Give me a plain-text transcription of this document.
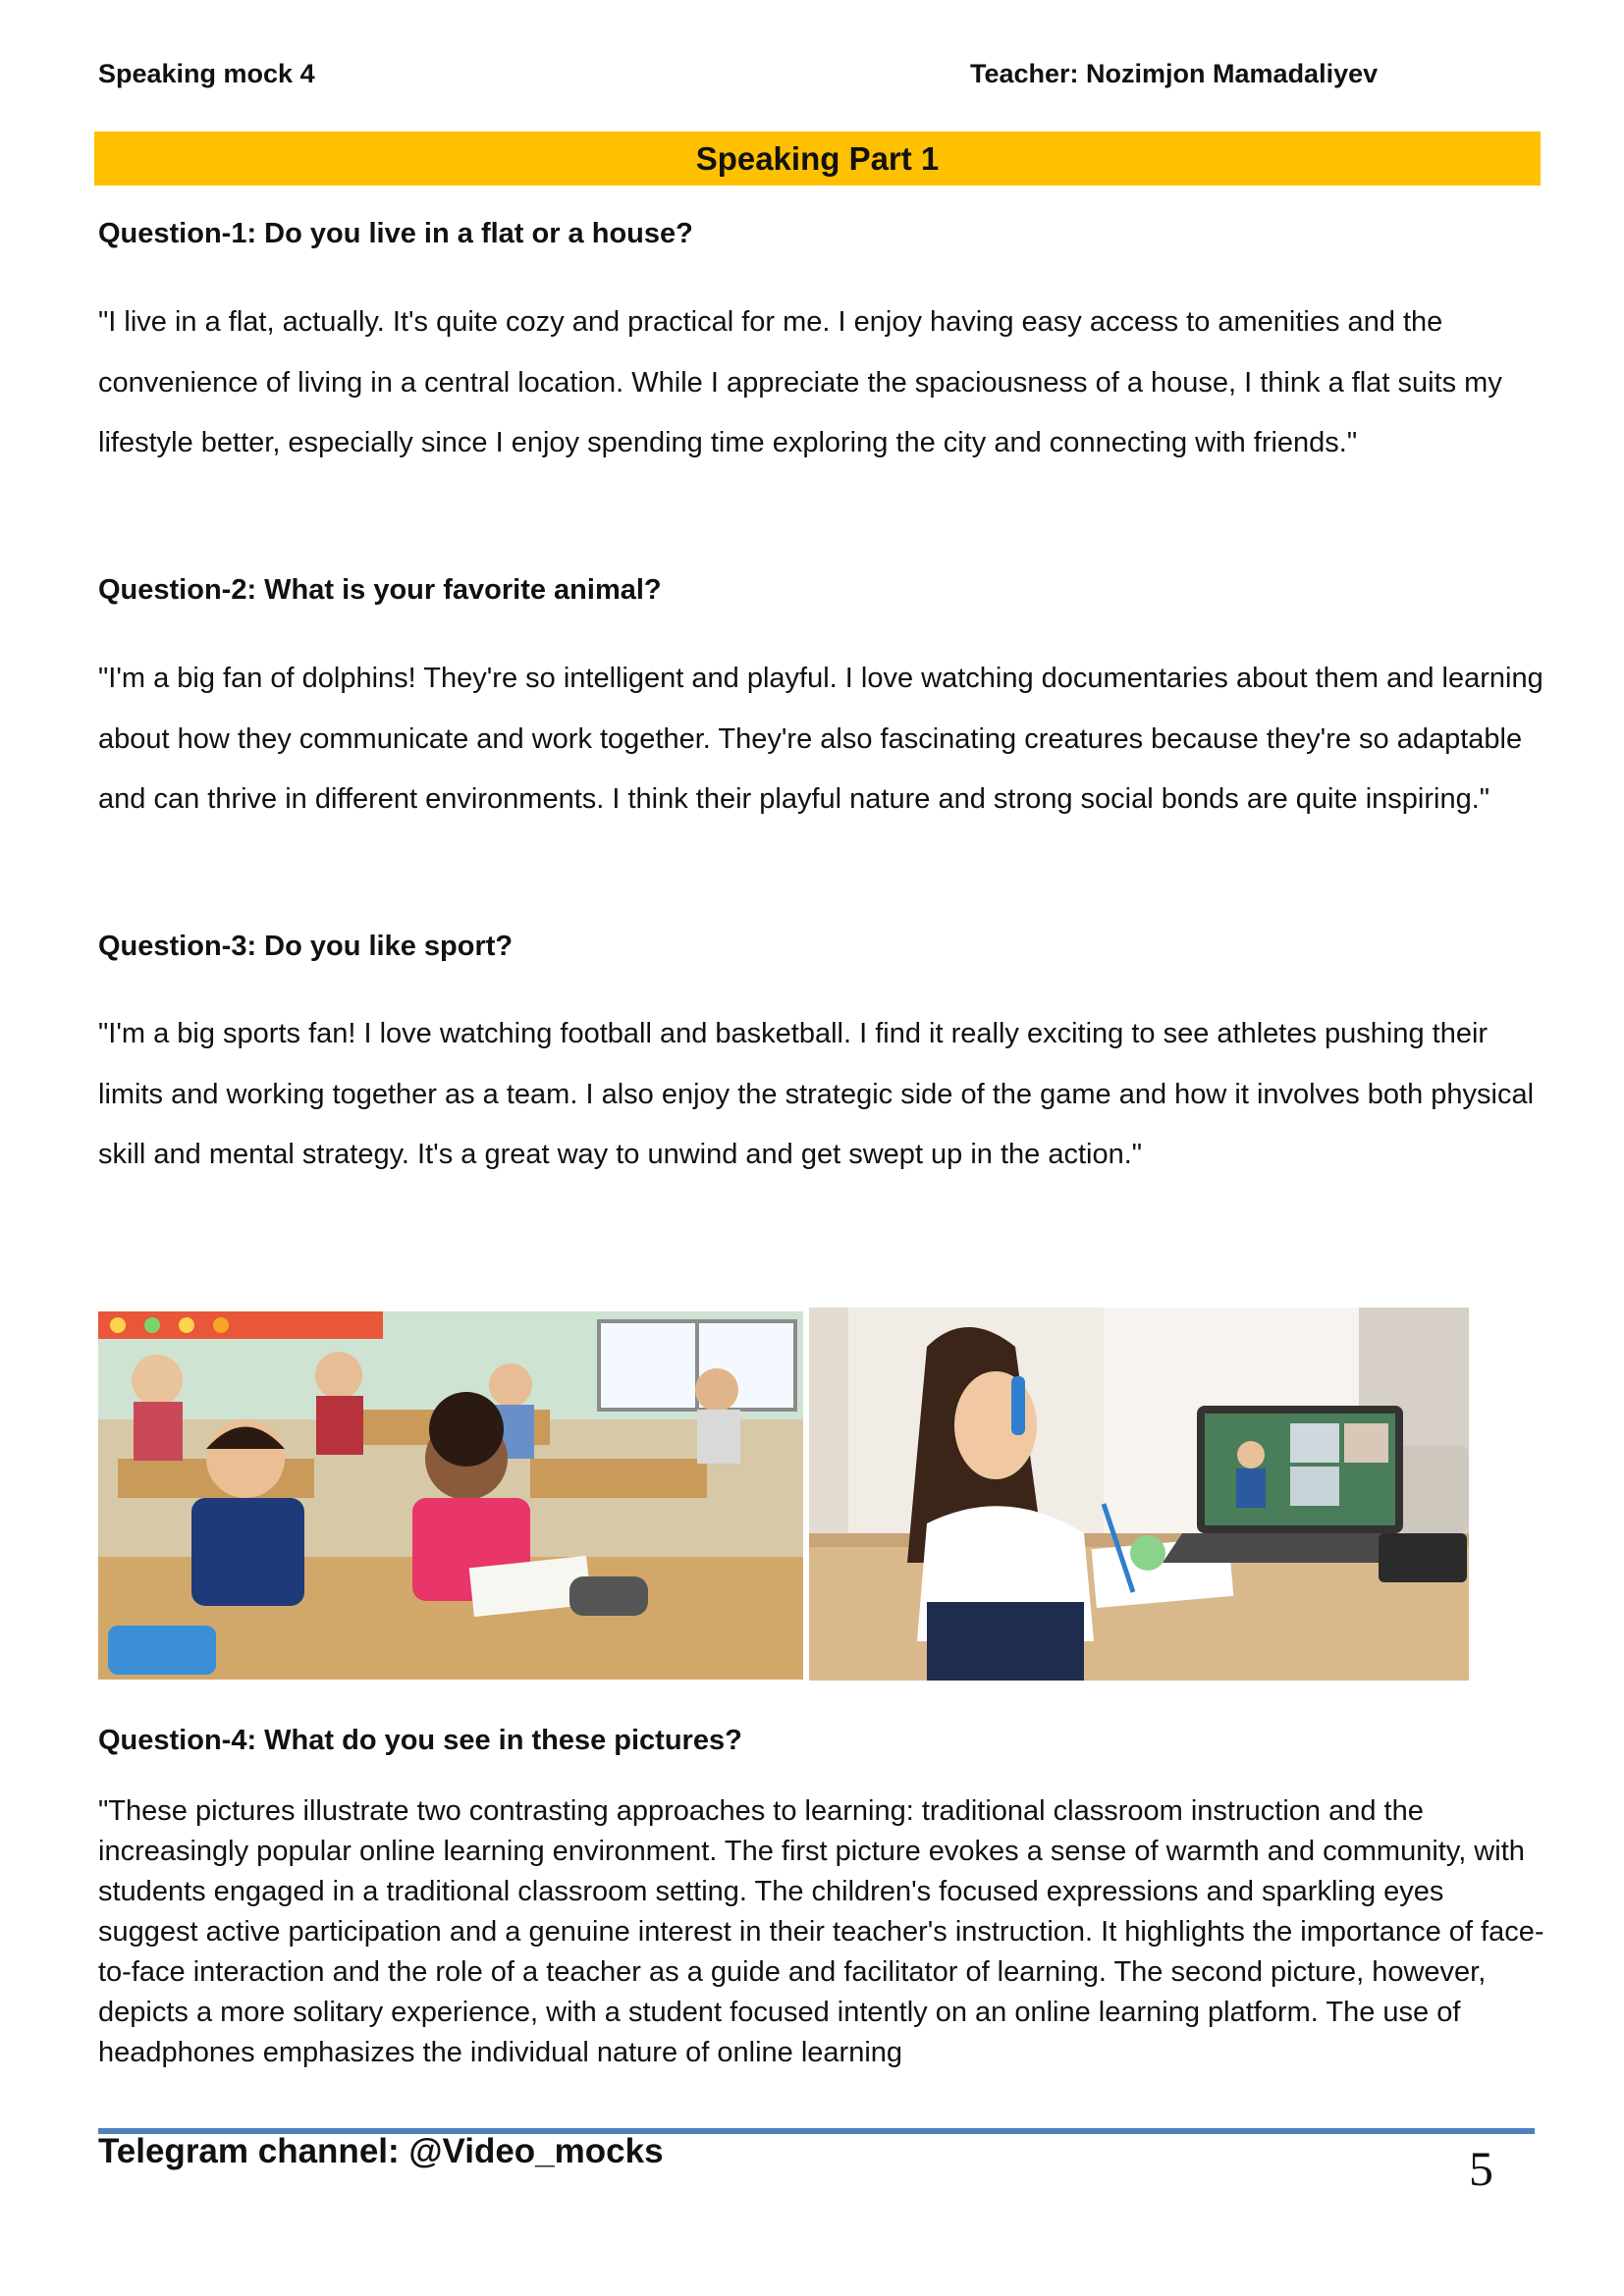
Speaking mock 4	Teacher: Nozimjon Mamadaliyev
Speaking Part 1
Question-1: Do you live in a flat or a house?
"I live in a flat, actually. It's quite cozy and practical for me. I enjoy having easy access to amenities and the convenience of living in a central location. While I appreciate the spaciousness of a house, I think a flat suits my lifestyle better, especially since I enjoy spending time exploring the city and connecting with friends."
Question-2: What is your favorite animal?
"I'm a big fan of dolphins! They're so intelligent and playful. I love watching documentaries about them and learning about how they communicate and work together. They're also fascinating creatures because they're so adaptable and can thrive in different environments. I think their playful nature and strong social bonds are quite inspiring."
Question-3: Do you like sport?
"I'm a big sports fan! I love watching football and basketball. I find it really exciting to see athletes pushing their limits and working together as a team. I also enjoy the strategic side of the game and how it involves both physical skill and mental strategy. It's a great way to unwind and get swept up in the action."
Question-4: What do you see in these pictures?
"These pictures illustrate two contrasting approaches to learning: traditional classroom instruction and the increasingly popular online learning environment. The first picture evokes a sense of warmth and community, with students engaged in a traditional classroom setting. The children's focused expressions and sparkling eyes suggest active participation and a genuine interest in their teacher's instruction. It highlights the importance of face-to-face interaction and the role of a teacher as a guide and facilitator of learning. The second picture, however, depicts a more solitary experience, with a student focused intently on an online learning platform. The use of headphones emphasizes the individual nature of online learning
Telegram channel: @Video_mocks	5
